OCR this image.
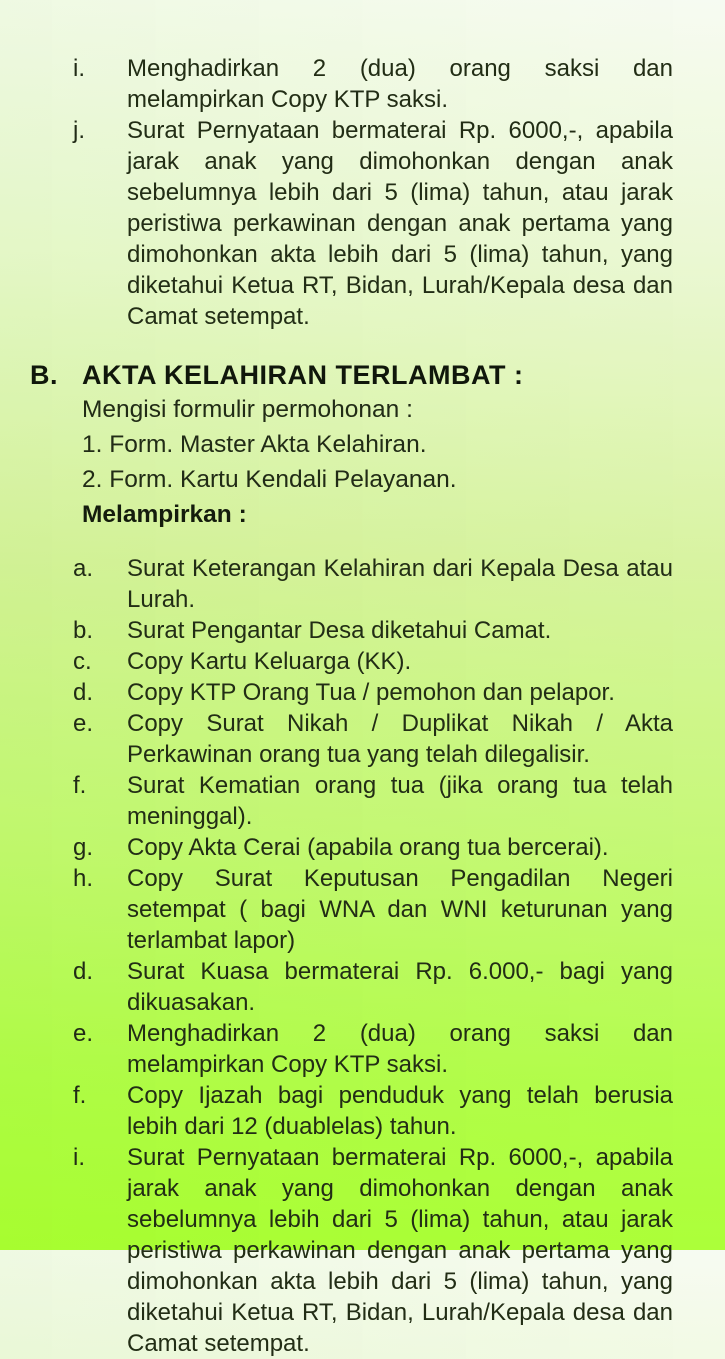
i.	Menghadirkan 2 (dua) orang saksi dan melampirkan Copy KTP saksi.
j.	Surat Pernyataan bermaterai Rp. 6000,-, apabila jarak anak yang dimohonkan dengan anak sebelumnya lebih dari 5 (lima) tahun, atau jarak peristiwa perkawinan dengan anak pertama yang dimohonkan akta lebih dari 5 (lima) tahun, yang diketahui Ketua RT, Bidan, Lurah/Kepala desa dan Camat setempat.
B. AKTA KELAHIRAN TERLAMBAT :
Mengisi formulir permohonan :
1. Form. Master Akta Kelahiran.
2. Form. Kartu Kendali Pelayanan.
Melampirkan :
a.	Surat Keterangan Kelahiran dari Kepala Desa atau Lurah.
b.	Surat Pengantar Desa diketahui Camat.
c.	Copy Kartu Keluarga (KK).
d.	Copy KTP Orang Tua / pemohon dan pelapor.
e.	Copy Surat Nikah / Duplikat Nikah / Akta Perkawinan orang tua yang telah dilegalisir.
f.	Surat Kematian orang tua (jika orang tua telah meninggal).
g.	Copy Akta Cerai (apabila orang tua bercerai).
h.	Copy Surat Keputusan Pengadilan Negeri setempat ( bagi WNA dan WNI keturunan yang terlambat lapor)
d.	Surat Kuasa bermaterai Rp. 6.000,- bagi yang dikuasakan.
e.	Menghadirkan 2 (dua) orang saksi dan melampirkan Copy KTP saksi.
f.	Copy Ijazah bagi penduduk yang telah berusia lebih dari 12 (duablelas) tahun.
i.	Surat Pernyataan bermaterai Rp. 6000,-, apabila jarak anak yang dimohonkan dengan anak sebelumnya lebih dari 5 (lima) tahun, atau jarak peristiwa perkawinan dengan anak pertama yang dimohonkan akta lebih dari 5 (lima) tahun, yang diketahui Ketua RT, Bidan, Lurah/Kepala desa dan Camat setempat.
